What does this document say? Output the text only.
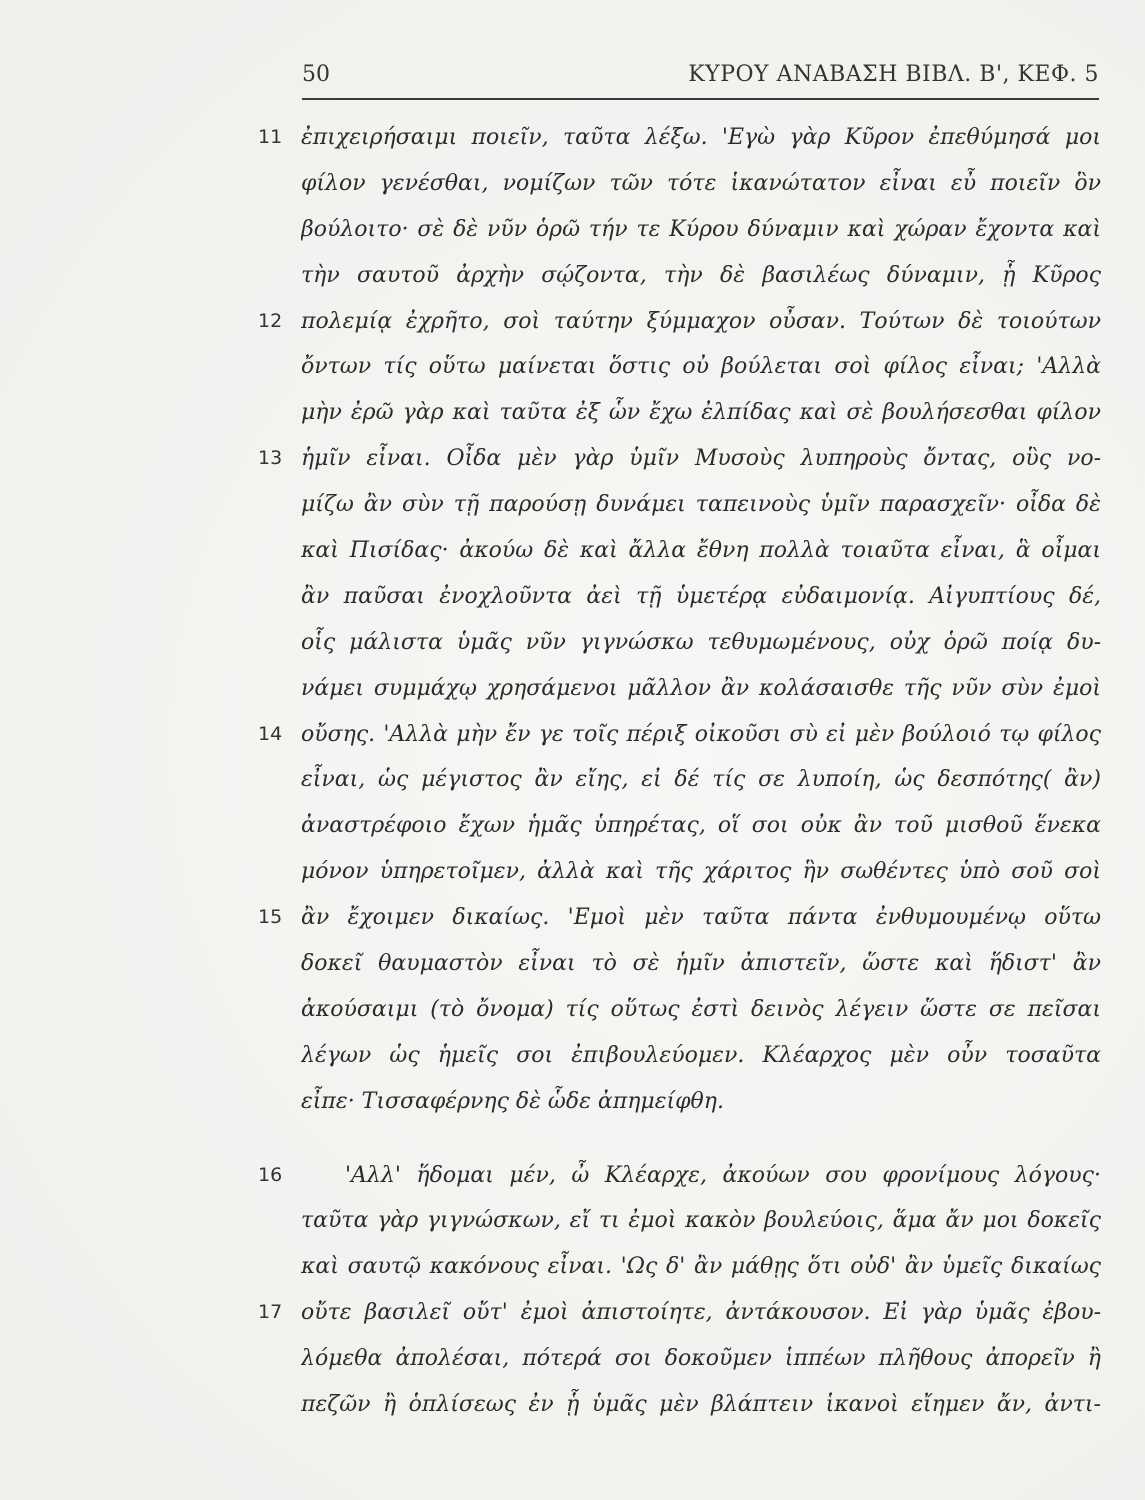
50	ΚΥΡΟΥ ΑΝΑΒΑΣΗ ΒΙΒΛ. Β', ΚΕΦ. 5
11 ἐπιχειρήσαιμι ποιεῖν, ταῦτα λέξω. 'Εγὼ γὰρ Κῦρον ἐπεθύμησά μοι
φίλον γενέσθαι, νομίζων τῶν τότε ἱκανώτατον εἶναι εὖ ποιεῖν ὃν
βούλοιτο· σὲ δὲ νῦν ὁρῶ τήν τε Κύρου δύναμιν καὶ χώραν ἔχοντα καὶ
τὴν σαυτοῦ ἀρχὴν σῴζοντα, τὴν δὲ βασιλέως δύναμιν, ᾗ Κῦρος
12 πολεμίᾳ ἐχρῆτο, σοὶ ταύτην ξύμμαχον οὖσαν. Τούτων δὲ τοιούτων
ὄντων τίς οὕτω μαίνεται ὅστις οὐ βούλεται σοὶ φίλος εἶναι; 'Αλλὰ
μὴν ἐρῶ γὰρ καὶ ταῦτα ἐξ ὧν ἔχω ἐλπίδας καὶ σὲ βουλήσεσθαι φίλον
13 ἡμῖν εἶναι. Οἶδα μὲν γὰρ ὑμῖν Μυσοὺς λυπηροὺς ὄντας, οὓς νο-
μίζω ἂν σὺν τῇ παρούσῃ δυνάμει ταπεινοὺς ὑμῖν παρασχεῖν· οἶδα δὲ
καὶ Πισίδας· ἀκούω δὲ καὶ ἄλλα ἔθνη πολλὰ τοιαῦτα εἶναι, ἃ οἶμαι
ἂν παῦσαι ἐνοχλοῦντα ἀεὶ τῇ ὑμετέρᾳ εὐδαιμονίᾳ. Αἰγυπτίους δέ,
οἷς μάλιστα ὑμᾶς νῦν γιγνώσκω τεθυμωμένους, οὐχ ὁρῶ ποίᾳ δυ-
νάμει συμμάχῳ χρησάμενοι μᾶλλον ἂν κολάσαισθε τῆς νῦν σὺν ἐμοὶ
14 οὔσης. 'Αλλὰ μὴν ἔν γε τοῖς πέριξ οἰκοῦσι σὺ εἰ μὲν βούλοιό τῳ φίλος
εἶναι, ὡς μέγιστος ἂν εἴης, εἰ δέ τίς σε λυποίη, ὡς δεσπότης( ἂν)
ἀναστρέφοιο ἔχων ἡμᾶς ὑπηρέτας, οἵ σοι οὐκ ἂν τοῦ μισθοῦ ἕνεκα
μόνον ὑπηρετοῖμεν, ἀλλὰ καὶ τῆς χάριτος ἣν σωθέντες ὑπὸ σοῦ σοὶ
15 ἂν ἔχοιμεν δικαίως. 'Εμοὶ μὲν ταῦτα πάντα ἐνθυμουμένῳ οὕτω
δοκεῖ θαυμαστὸν εἶναι τὸ σὲ ἡμῖν ἀπιστεῖν, ὥστε καὶ ἥδιστ' ἂν
ἀκούσαιμι (τὸ ὄνομα) τίς οὕτως ἐστὶ δεινὸς λέγειν ὥστε σε πεῖσαι
λέγων ὡς ἡμεῖς σοι ἐπιβουλεύομεν. Κλέαρχος μὲν οὖν τοσαῦτα
εἶπε· Τισσαφέρνης δὲ ὧδε ἀπημείφθη.
16	'Αλλ' ἥδομαι μέν, ὦ Κλέαρχε, ἀκούων σου φρονίμους λόγους·
ταῦτα γὰρ γιγνώσκων, εἴ τι ἐμοὶ κακὸν βουλεύοις, ἅμα ἄν μοι δοκεῖς
καὶ σαυτῷ κακόνους εἶναι. 'Ως δ' ἂν μάθῃς ὅτι οὐδ' ἂν ὑμεῖς δικαίως
17 οὔτε βασιλεῖ οὔτ' ἐμοὶ ἀπιστοίητε, ἀντάκουσον. Εἰ γὰρ ὑμᾶς ἐβου-
λόμεθα ἀπολέσαι, πότερά σοι δοκοῦμεν ἱππέων πλῆθους ἀπορεῖν ἢ
πεζῶν ἢ ὁπλίσεως ἐν ᾗ ὑμᾶς μὲν βλάπτειν ἱκανοὶ εἴημεν ἄν, ἀντι-
